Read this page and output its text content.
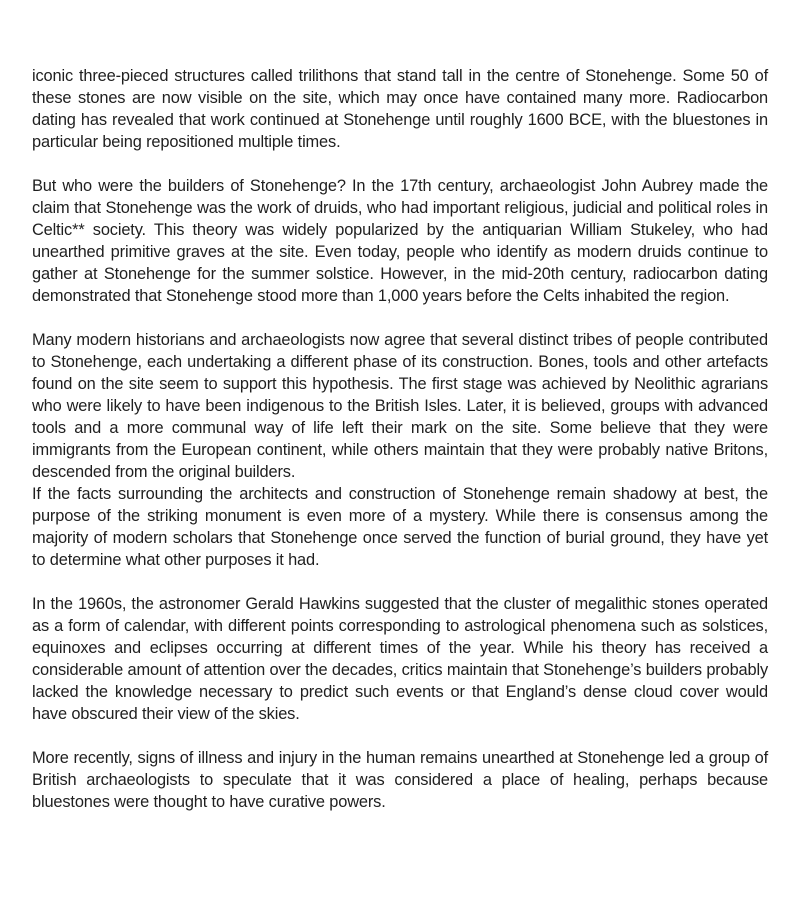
iconic three-pieced structures called trilithons that stand tall in the centre of Stonehenge. Some 50 of these stones are now visible on the site, which may once have contained many more. Radiocarbon dating has revealed that work continued at Stonehenge until roughly 1600 BCE, with the bluestones in particular being repositioned multiple times.

But who were the builders of Stonehenge? In the 17th century, archaeologist John Aubrey made the claim that Stonehenge was the work of druids, who had important religious, judicial and political roles in Celtic** society. This theory was widely popularized by the antiquarian William Stukeley, who had unearthed primitive graves at the site. Even today, people who identify as modern druids continue to gather at Stonehenge for the summer solstice. However, in the mid-20th century, radiocarbon dating demonstrated that Stonehenge stood more than 1,000 years before the Celts inhabited the region.

Many modern historians and archaeologists now agree that several distinct tribes of people contributed to Stonehenge, each undertaking a different phase of its construction. Bones, tools and other artefacts found on the site seem to support this hypothesis. The first stage was achieved by Neolithic agrarians who were likely to have been indigenous to the British Isles. Later, it is believed, groups with advanced tools and a more communal way of life left their mark on the site. Some believe that they were immigrants from the European continent, while others maintain that they were probably native Britons, descended from the original builders.

If the facts surrounding the architects and construction of Stonehenge remain shadowy at best, the purpose of the striking monument is even more of a mystery. While there is consensus among the majority of modern scholars that Stonehenge once served the function of burial ground, they have yet to determine what other purposes it had.

In the 1960s, the astronomer Gerald Hawkins suggested that the cluster of megalithic stones operated as a form of calendar, with different points corresponding to astrological phenomena such as solstices, equinoxes and eclipses occurring at different times of the year. While his theory has received a considerable amount of attention over the decades, critics maintain that Stonehenge’s builders probably lacked the knowledge necessary to predict such events or that England’s dense cloud cover would have obscured their view of the skies.

More recently, signs of illness and injury in the human remains unearthed at Stonehenge led a group of British archaeologists to speculate that it was considered a place of healing, perhaps because bluestones were thought to have curative powers.
